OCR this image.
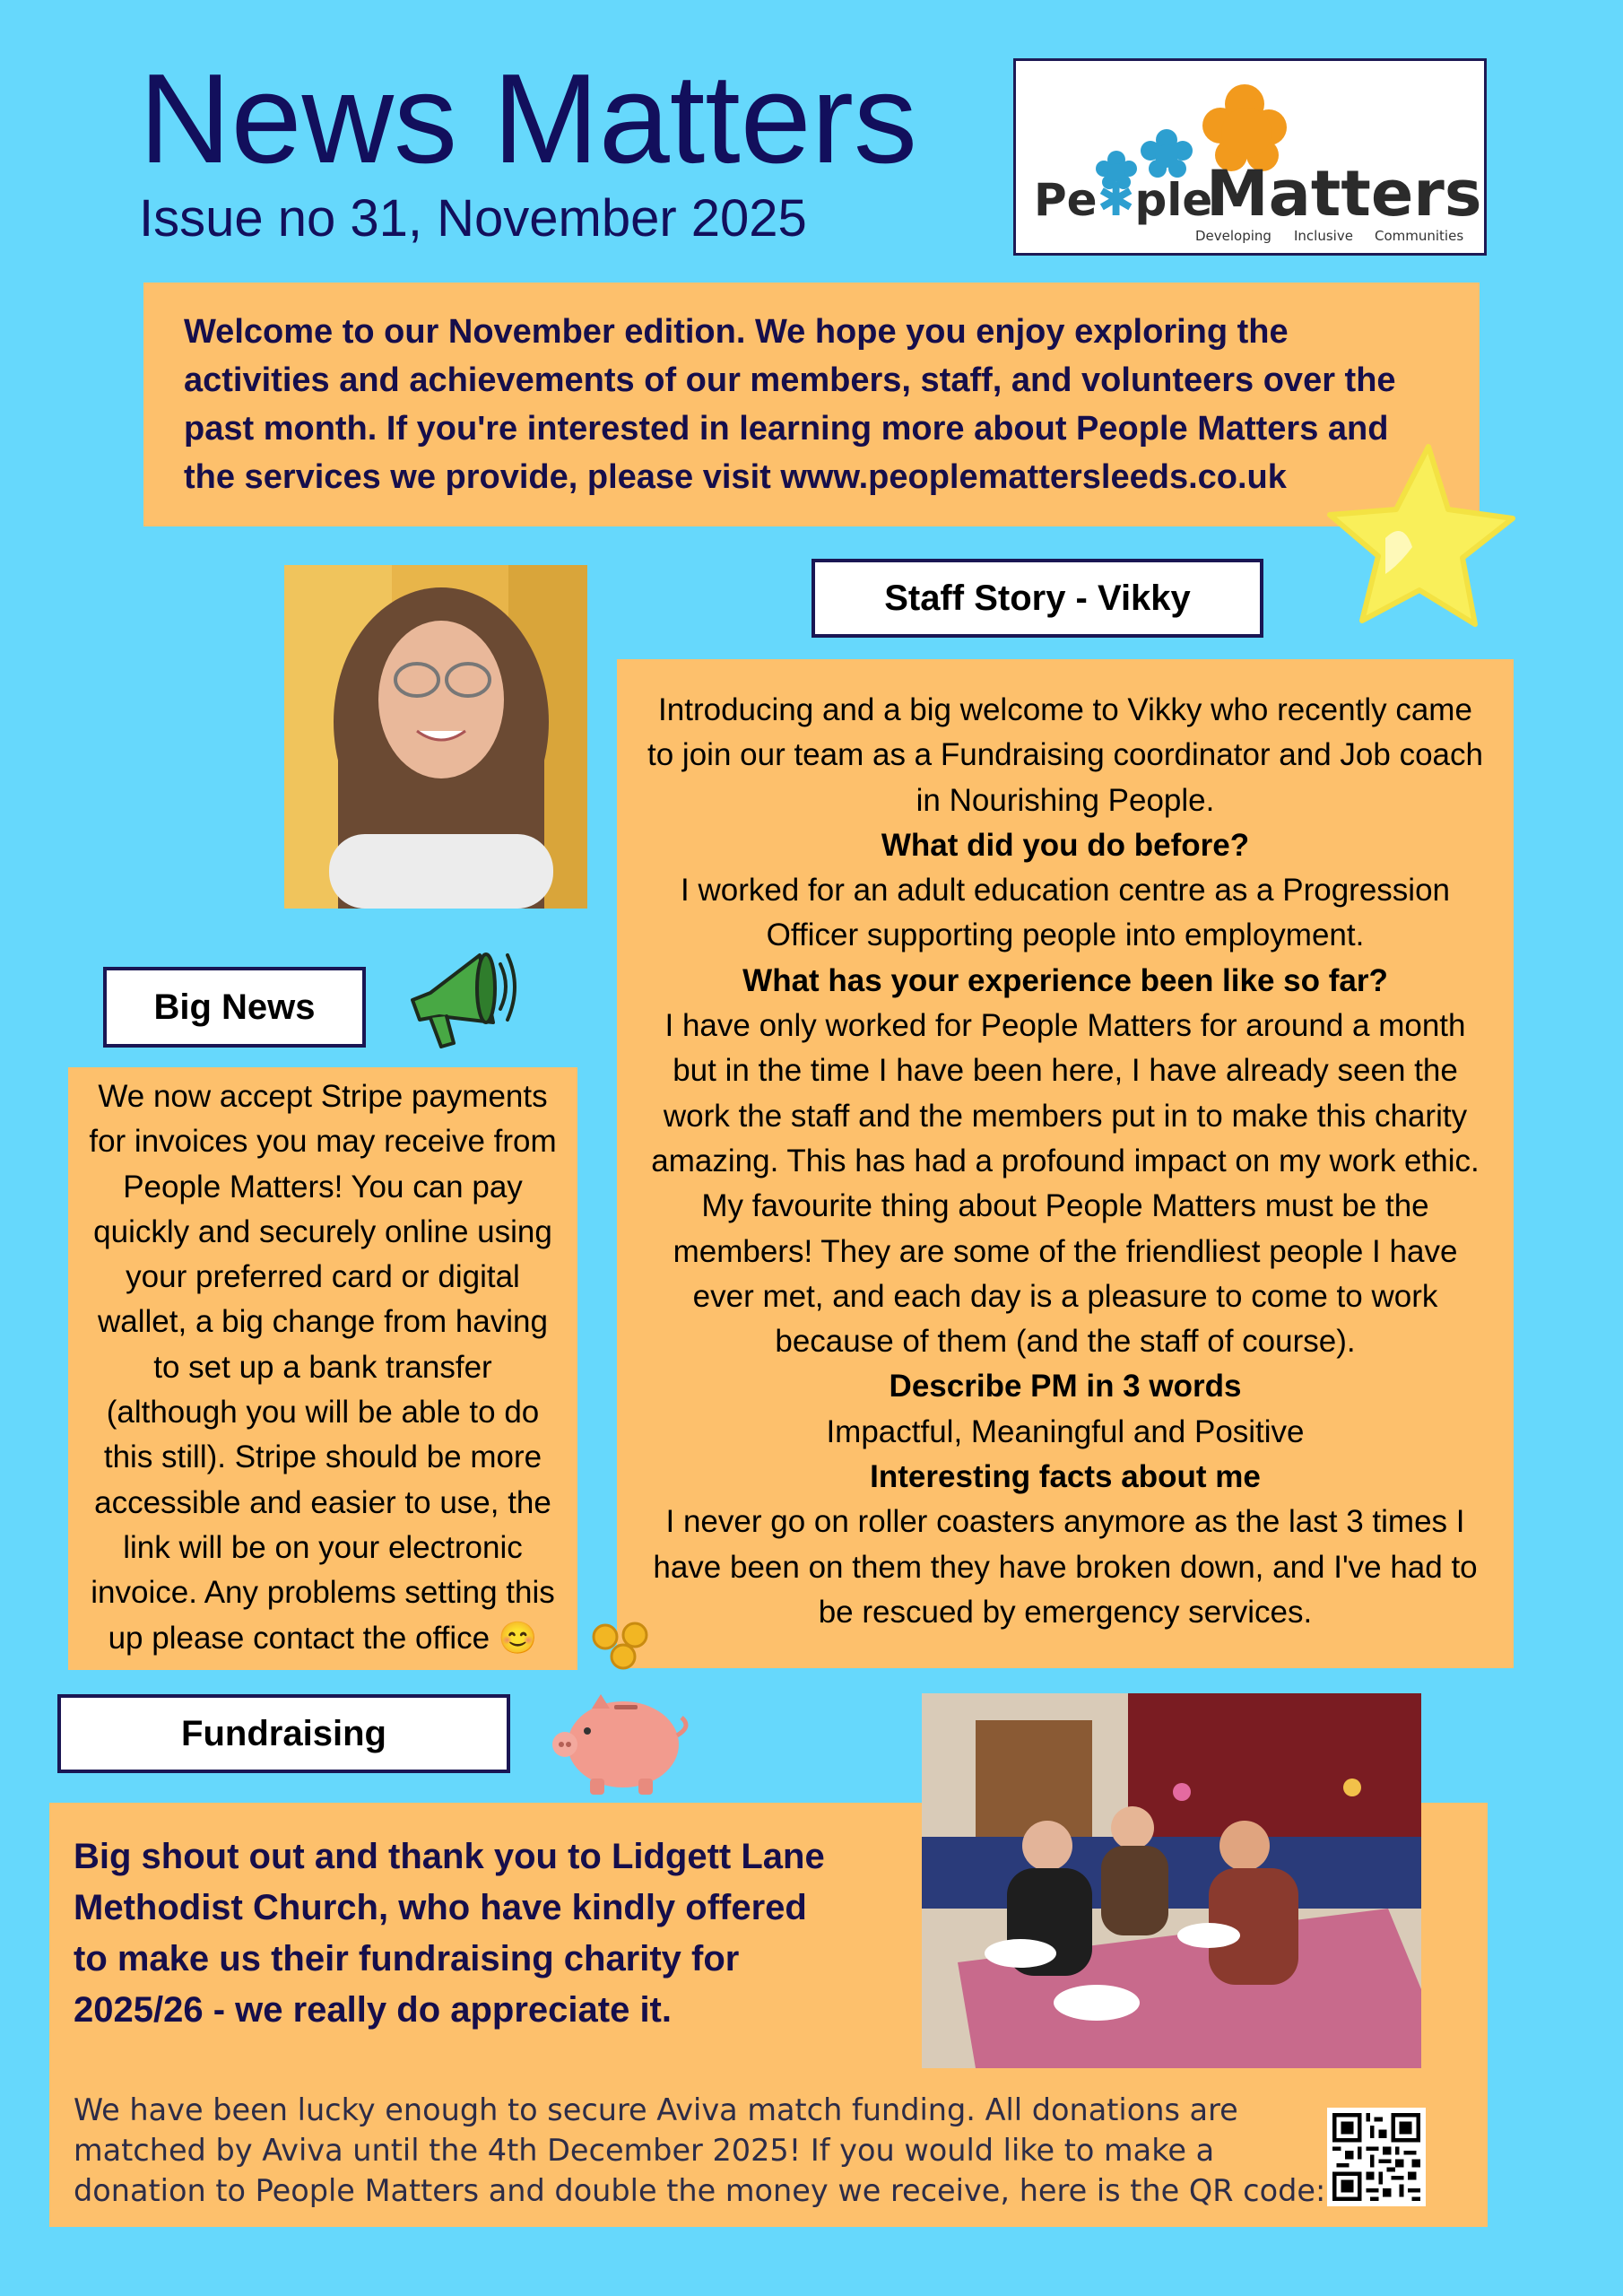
News Matters
Issue no 31, November 2025	Pe✱ple
Matters
Developing Inclusive Communities

Welcome to our November edition. We hope you enjoy exploring the activities and achievements of our members, staff, and volunteers over the past month. If you're interested in learning more about People Matters and the services we provide, please visit www.peoplemattersleeds.co.uk

Staff Story - Vikky

Introducing and a big welcome to Vikky who recently came
to join our team as a Fundraising coordinator and Job coach
in Nourishing People.

What did you do before?

I worked for an adult education centre as a Progression
Officer supporting people into employment.

What has your experience been like so far?

I have only worked for People Matters for around a month
but in the time I have been here, I have already seen the
work the staff and the members put in to make this charity
amazing. This has had a profound impact on my work ethic.
My favourite thing about People Matters must be the
members! They are some of the friendliest people I have
ever met, and each day is a pleasure to come to work
because of them (and the staff of course).

Describe PM in 3 words

Impactful, Meaningful and Positive

Interesting facts about me

I never go on roller coasters anymore as the last 3 times I
have been on them they have broken down, and I've had to
be rescued by emergency services.

Big News
We now accept Stripe payments
for invoices you may receive from
People Matters! You can pay
quickly and securely online using
your preferred card or digital
wallet, a big change from having
to set up a bank transfer
(although you will be able to do
this still). Stripe should be more
accessible and easier to use, the
link will be on your electronic
invoice. Any problems setting this
up please contact the office 😊
Fundraising
Big shout out and thank you to Lidgett Lane
Methodist Church, who have kindly offered
to make us their fundraising charity for
2025/26 - we really do appreciate it.
We have been lucky enough to secure Aviva match funding. All donations are
matched by Aviva until the 4th December 2025! If you would like to make a
donation to People Matters and double the money we receive, here is the QR code:
